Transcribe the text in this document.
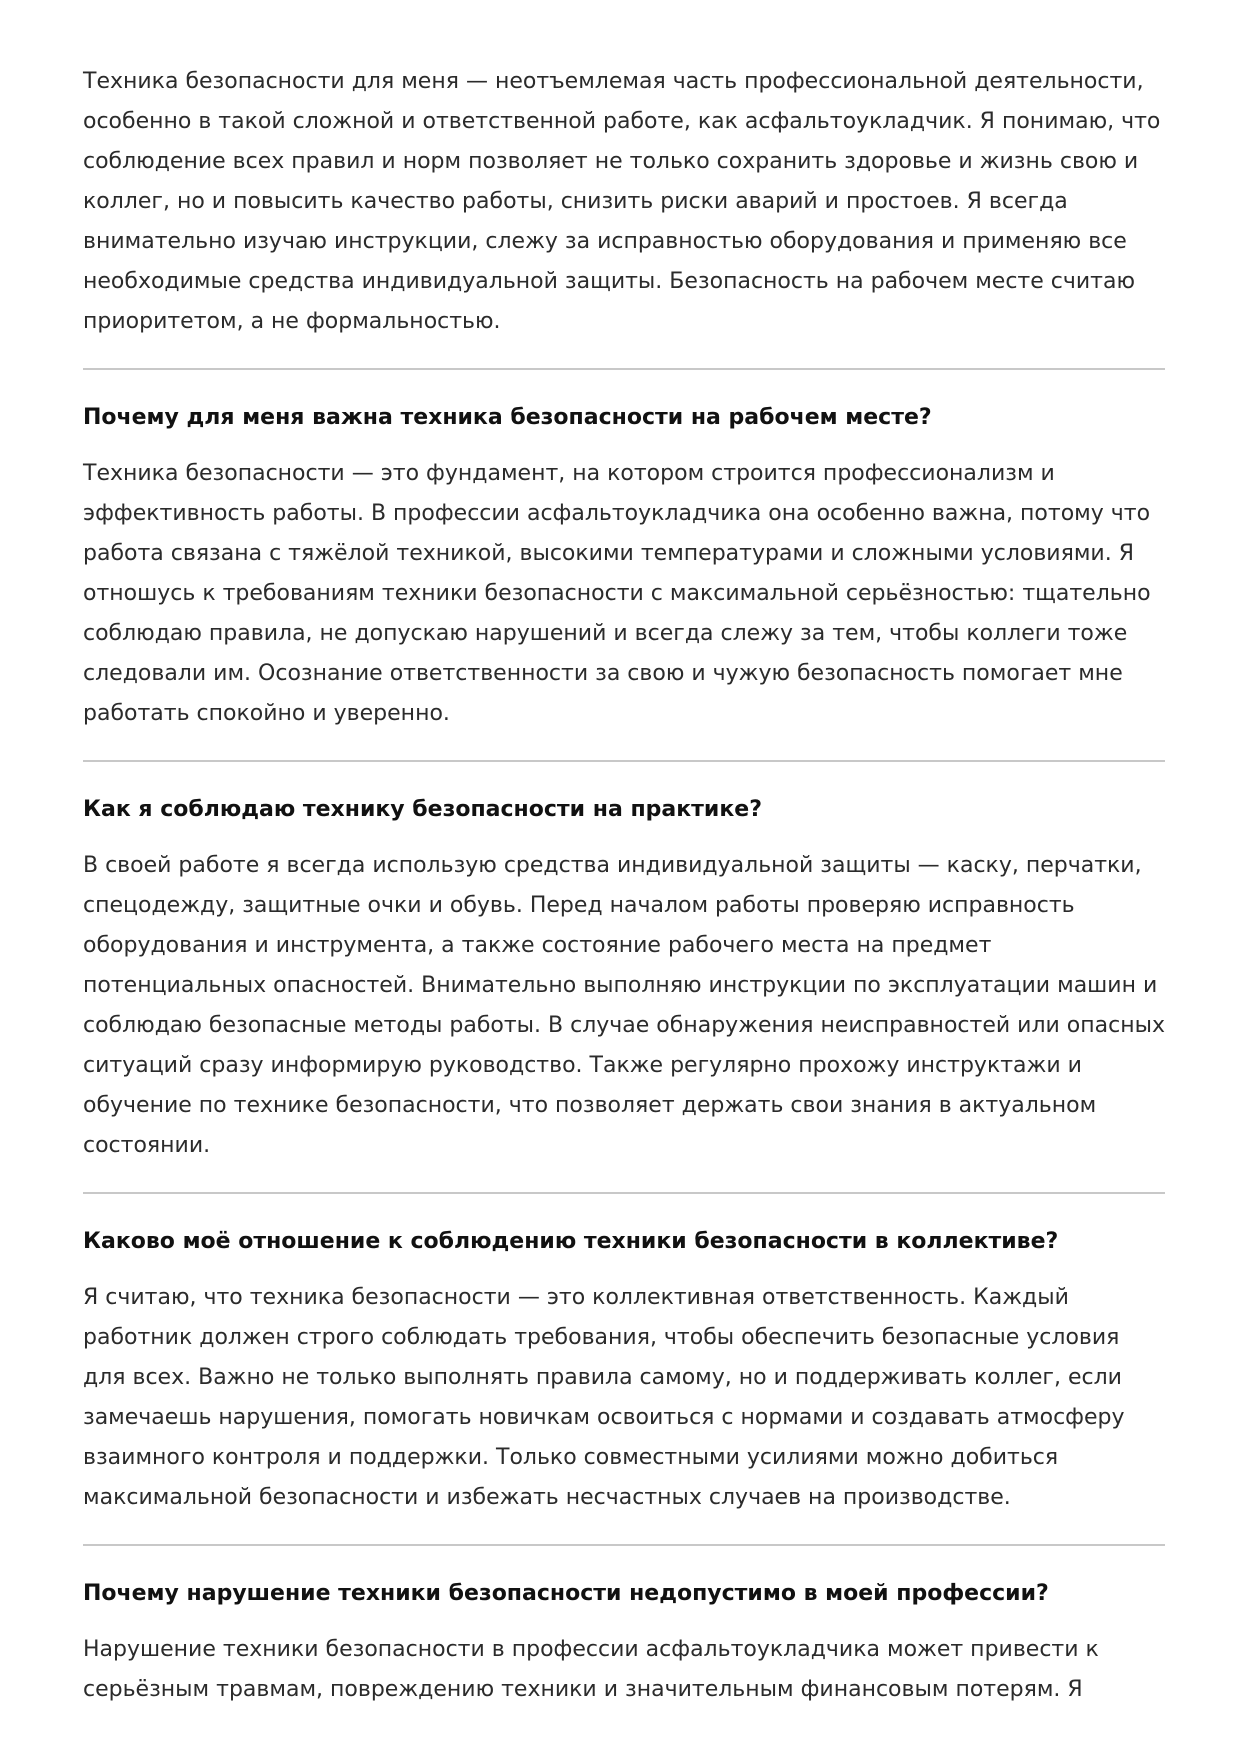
Техника безопасности для меня — неотъемлемая часть профессиональной деятельности, особенно в такой сложной и ответственной работе, как асфальтоукладчик. Я понимаю, что соблюдение всех правил и норм позволяет не только сохранить здоровье и жизнь свою и коллег, но и повысить качество работы, снизить риски аварий и простоев. Я всегда внимательно изучаю инструкции, слежу за исправностью оборудования и применяю все необходимые средства индивидуальной защиты. Безопасность на рабочем месте считаю приоритетом, а не формальностью.

Почему для меня важна техника безопасности на рабочем месте?

Техника безопасности — это фундамент, на котором строится профессионализм и эффективность работы. В профессии асфальтоукладчика она особенно важна, потому что работа связана с тяжёлой техникой, высокими температурами и сложными условиями. Я отношусь к требованиям техники безопасности с максимальной серьёзностью: тщательно соблюдаю правила, не допускаю нарушений и всегда слежу за тем, чтобы коллеги тоже следовали им. Осознание ответственности за свою и чужую безопасность помогает мне работать спокойно и уверенно.

Как я соблюдаю технику безопасности на практике?

В своей работе я всегда использую средства индивидуальной защиты — каску, перчатки, спецодежду, защитные очки и обувь. Перед началом работы проверяю исправность оборудования и инструмента, а также состояние рабочего места на предмет потенциальных опасностей. Внимательно выполняю инструкции по эксплуатации машин и соблюдаю безопасные методы работы. В случае обнаружения неисправностей или опасных ситуаций сразу информирую руководство. Также регулярно прохожу инструктажи и обучение по технике безопасности, что позволяет держать свои знания в актуальном состоянии.

Каково моё отношение к соблюдению техники безопасности в коллективе?

Я считаю, что техника безопасности — это коллективная ответственность. Каждый работник должен строго соблюдать требования, чтобы обеспечить безопасные условия для всех. Важно не только выполнять правила самому, но и поддерживать коллег, если замечаешь нарушения, помогать новичкам освоиться с нормами и создавать атмосферу взаимного контроля и поддержки. Только совместными усилиями можно добиться максимальной безопасности и избежать несчастных случаев на производстве.

Почему нарушение техники безопасности недопустимо в моей профессии?

Нарушение техники безопасности в профессии асфальтоукладчика может привести к серьёзным травмам, повреждению техники и значительным финансовым потерям. Я
